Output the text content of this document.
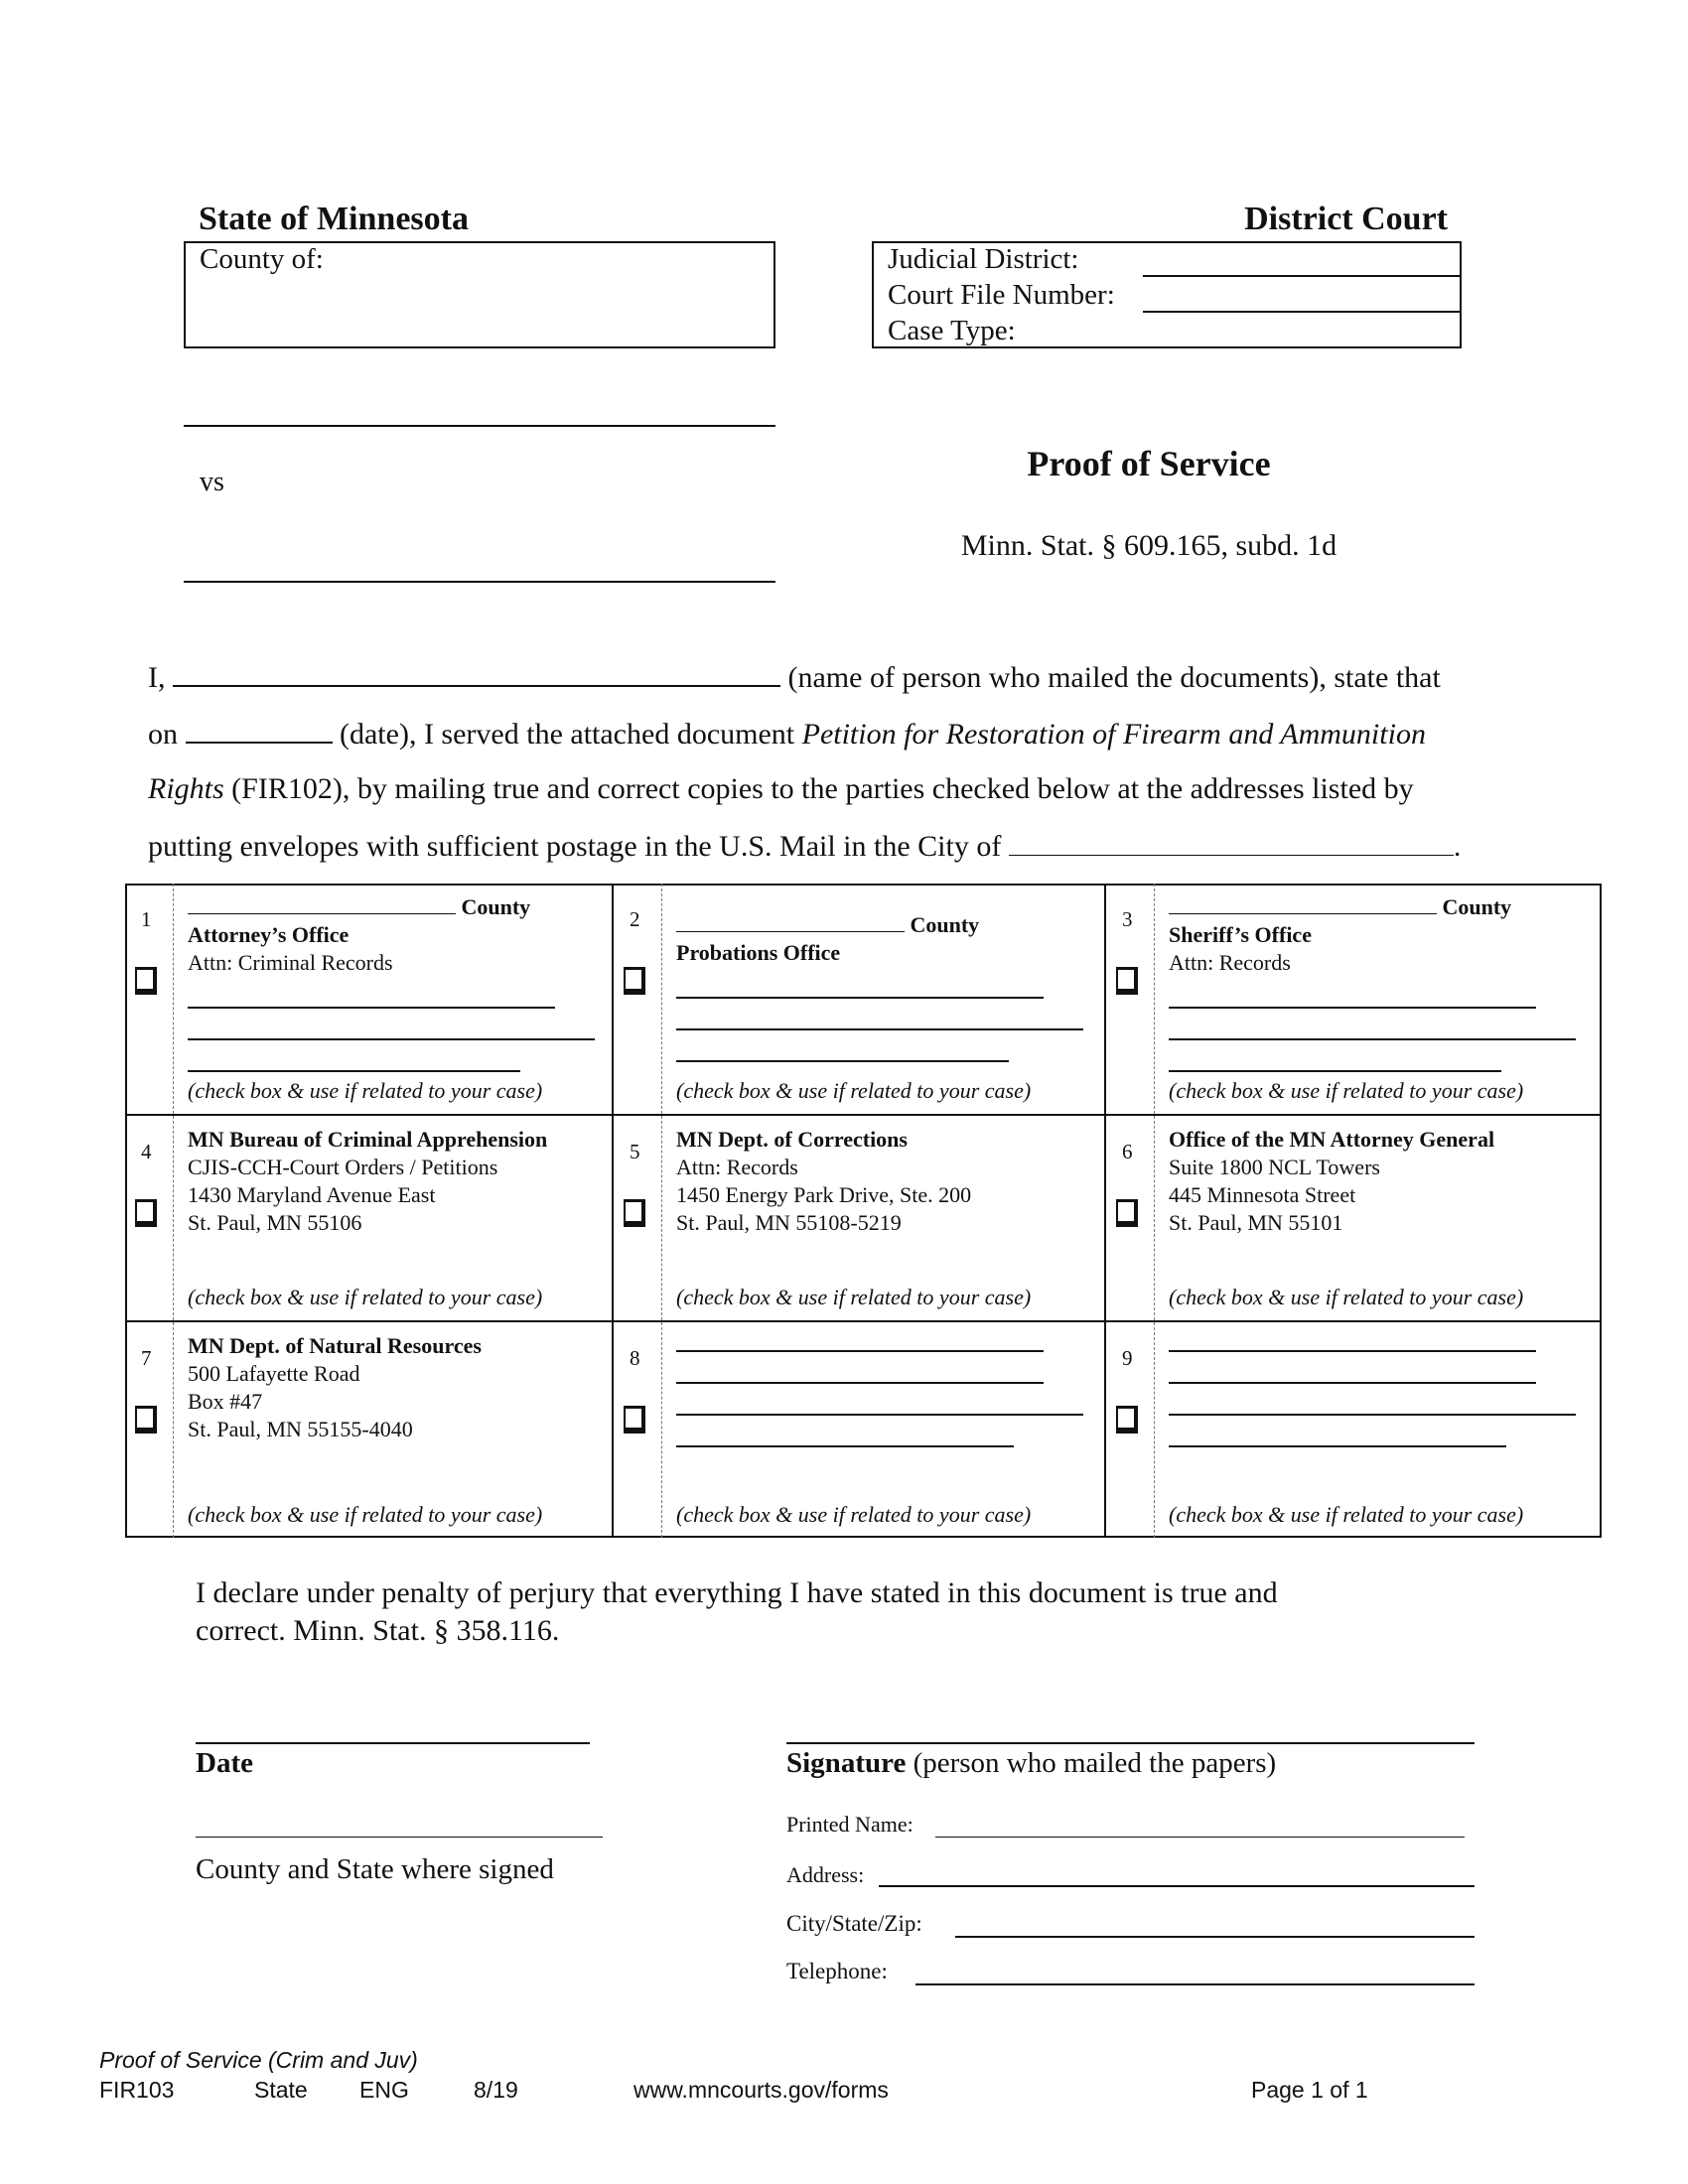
State of Minnesota	District Court
County of:	Judicial District:
Court File Number:
Case Type:
vs	Proof of Service
Minn. Stat. § 609.165, subd. 1d
I,	(name of person who mailed the documents), state that
on	(date), I served the attached document Petition for Restoration of Firearm and Ammunition
Rights (FIR102), by mailing true and correct copies to the parties checked below at the addresses listed by
putting envelopes with sufficient postage in the U.S. Mail in the City of	.
1	County
Attorney’s Office
Attn: Criminal Records
(check box & use if related to your case)
2	County
Probations Office
(check box & use if related to your case)
3	County
Sheriff’s Office
Attn: Records
(check box & use if related to your case)
4 MN Bureau of Criminal Apprehension
CJIS-CCH-Court Orders / Petitions
1430 Maryland Avenue East
St. Paul, MN 55106
(check box & use if related to your case)
5 MN Dept. of Corrections
Attn: Records
1450 Energy Park Drive, Ste. 200
St. Paul, MN 55108-5219
(check box & use if related to your case)
6 Office of the MN Attorney General
Suite 1800 NCL Towers
445 Minnesota Street
St. Paul, MN 55101
(check box & use if related to your case)
7 MN Dept. of Natural Resources
500 Lafayette Road
Box #47
St. Paul, MN 55155-4040
(check box & use if related to your case)
8
(check box & use if related to your case)
9
(check box & use if related to your case)
I declare under penalty of perjury that everything I have stated in this document is true and
correct. Minn. Stat. § 358.116.
Date
County and State where signed
Signature (person who mailed the papers)
Printed Name:
Address:
City/State/Zip:
Telephone:
Proof of Service (Crim and Juv)
FIR103	State ENG	8/19	www.mncourts.gov/forms	Page 1 of 1
